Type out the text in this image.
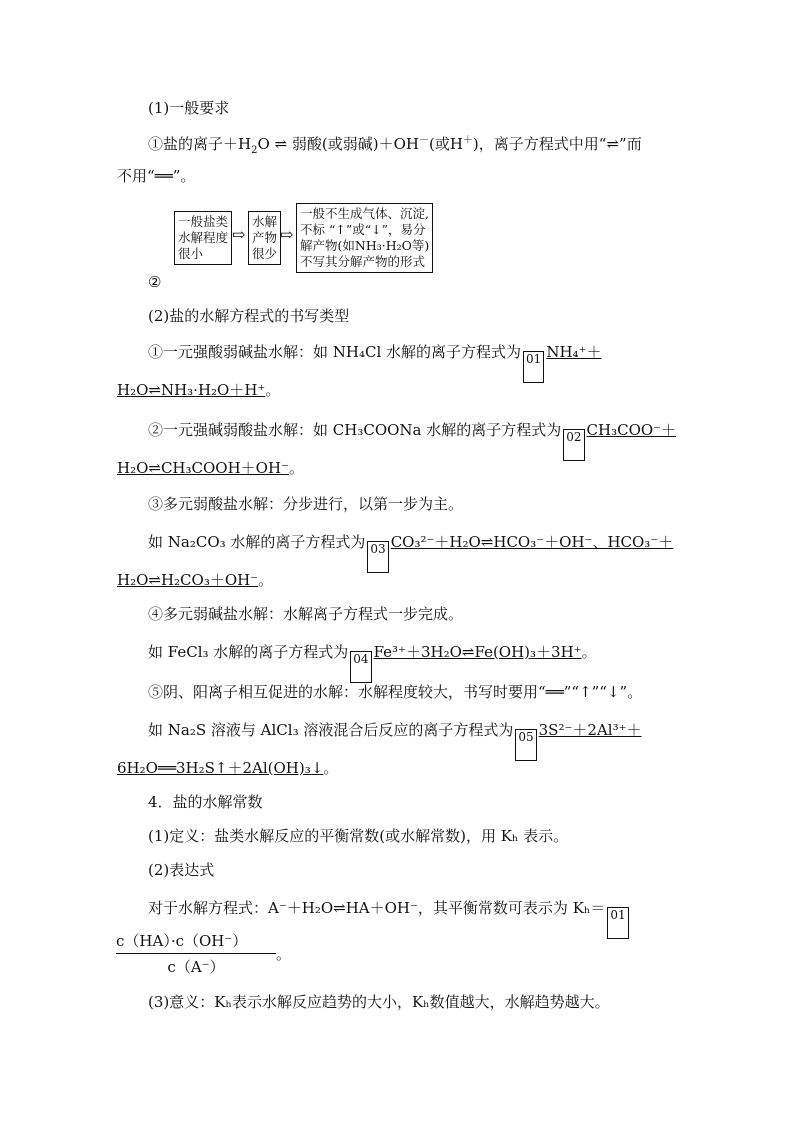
(1)一般要求
①盐的离子$+H_2O$ ⇌ 弱酸(或弱碱)＋OH－(或H＋)，离子方程式中用“⇌”而
不用“══”。
一般盐类
水解程度
很小
⇨
水解
产物
很少
⇨
一般不生成气体、沉淀,
不标 “↑”或“↓”，易分
解产物(如NH₃·H₂O等)
不写其分解产物的形式
②
(2)盐的水解方程式的书写类型
①一元强酸弱碱盐水解：如 NH₄Cl 水解的离子方程式为 01 NH₄⁺＋
H₂O⇌NH₃·H₂O＋H⁺。
②一元强碱弱酸盐水解：如 CH₃COONa 水解的离子方程式为 02 CH₃COO⁻＋
H₂O⇌CH₃COOH＋OH⁻。
③多元弱酸盐水解：分步进行，以第一步为主。
如 Na₂CO₃ 水解的离子方程式为 03 CO₃²⁻＋H₂O⇌HCO₃⁻＋OH⁻、HCO₃⁻＋
H₂O⇌H₂CO₃＋OH⁻。
④多元弱碱盐水解：水解离子方程式一步完成。
如 FeCl₃ 水解的离子方程式为 04 Fe³⁺＋3H₂O⇌Fe(OH)₃＋3H⁺。
⑤阴、阳离子相互促进的水解：水解程度较大，书写时要用“══”“↑”“↓”。
如 Na₂S 溶液与 AlCl₃ 溶液混合后反应的离子方程式为 05 3S²⁻＋2Al³⁺＋
6H₂O══3H₂S↑＋2Al(OH)₃↓。
4．盐的水解常数
(1)定义：盐类水解反应的平衡常数(或水解常数)，用 Kₕ 表示。
(2)表达式
对于水解方程式：A⁻＋H₂O⇌HA＋OH⁻，其平衡常数可表示为 Kₕ＝ 01
$\frac{c(HA)\cdot c(OH^-)}{c(A^-)}$ 。
(3)意义：Kₕ表示水解反应趋势的大小，Kₕ数值越大，水解趋势越大。
